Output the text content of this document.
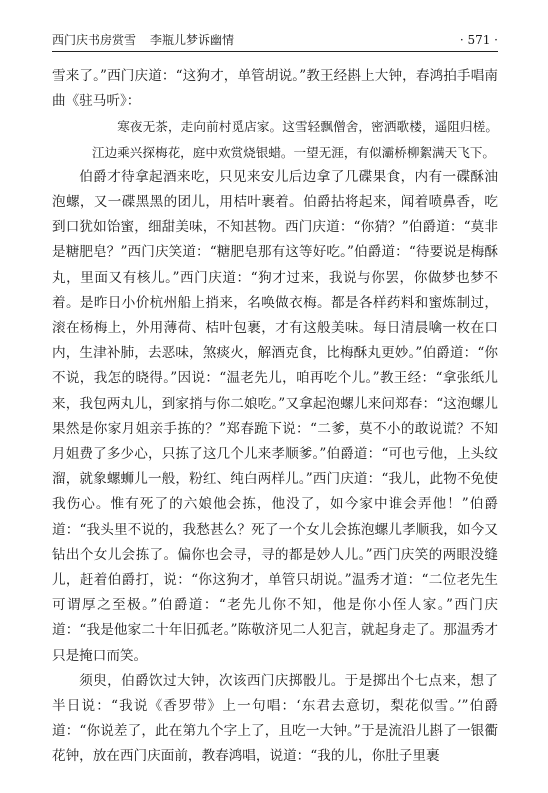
西门庆书房赏雪 李瓶儿梦诉幽情	· 571 ·

雪来了。”西门庆道：“这狗才，单管胡说。”教王经斟上大钟，春鸿拍手唱南曲《驻马听》：

寒夜无茶，走向前村觅店家。这雪轻飘僧舍，密洒歌楼，遥阻归槎。江边乘兴探梅花，庭中欢赏烧银蜡。一望无涯，有似灞桥柳絮满天飞下。

伯爵才待拿起酒来吃，只见来安儿后边拿了几碟果食，内有一碟酥油泡螺，又一碟黑黑的团儿，用桔叶裹着。伯爵拈将起来，闻着喷鼻香，吃到口犹如饴蜜，细甜美味，不知甚物。西门庆道：“你猜？”伯爵道：“莫非是糖肥皂？”西门庆笑道：“糖肥皂那有这等好吃。”伯爵道：“待要说是梅酥丸，里面又有核儿。”西门庆道：“狗才过来，我说与你罢，你做梦也梦不着。是昨日小价杭州船上捎来，名唤做衣梅。都是各样药料和蜜炼制过，滚在杨梅上，外用薄荷、桔叶包裹，才有这般美味。每日清晨噙一枚在口内，生津补肺，去恶味，煞痰火，解酒克食，比梅酥丸更妙。”伯爵道：“你不说，我怎的晓得。”因说：“温老先儿，咱再吃个儿。”教王经：“拿张纸儿来，我包两丸儿，到家捎与你二娘吃。”又拿起泡螺儿来问郑春：“这泡螺儿果然是你家月姐亲手拣的？”郑春跪下说：“二爹，莫不小的敢说谎？不知月姐费了多少心，只拣了这几个儿来孝顺爹。”伯爵道：“可也亏他，上头纹溜，就象螺蛳儿一般，粉红、纯白两样儿。”西门庆道：“我儿，此物不免使我伤心。惟有死了的六娘他会拣，他没了，如今家中谁会弄他！”伯爵道：“我头里不说的，我愁甚么？死了一个女儿会拣泡螺儿孝顺我，如今又钻出个女儿会拣了。偏你也会寻，寻的都是妙人儿。”西门庆笑的两眼没缝儿，赶着伯爵打，说：“你这狗才，单管只胡说。”温秀才道：“二位老先生可谓厚之至极。”伯爵道：“老先儿你不知，他是你小侄人家。”西门庆道：“我是他家二十年旧孤老。”陈敬济见二人犯言，就起身走了。那温秀才只是掩口而笑。

须臾，伯爵饮过大钟，次该西门庆掷骰儿。于是掷出个七点来，想了半日说：“我说《香罗带》上一句唱：‘东君去意切，梨花似雪。’”伯爵道：“你说差了，此在第九个字上了，且吃一大钟。”于是流沿儿斟了一银衢花钟，放在西门庆面前，教春鸿唱，说道：“我的儿，你肚子里裹
